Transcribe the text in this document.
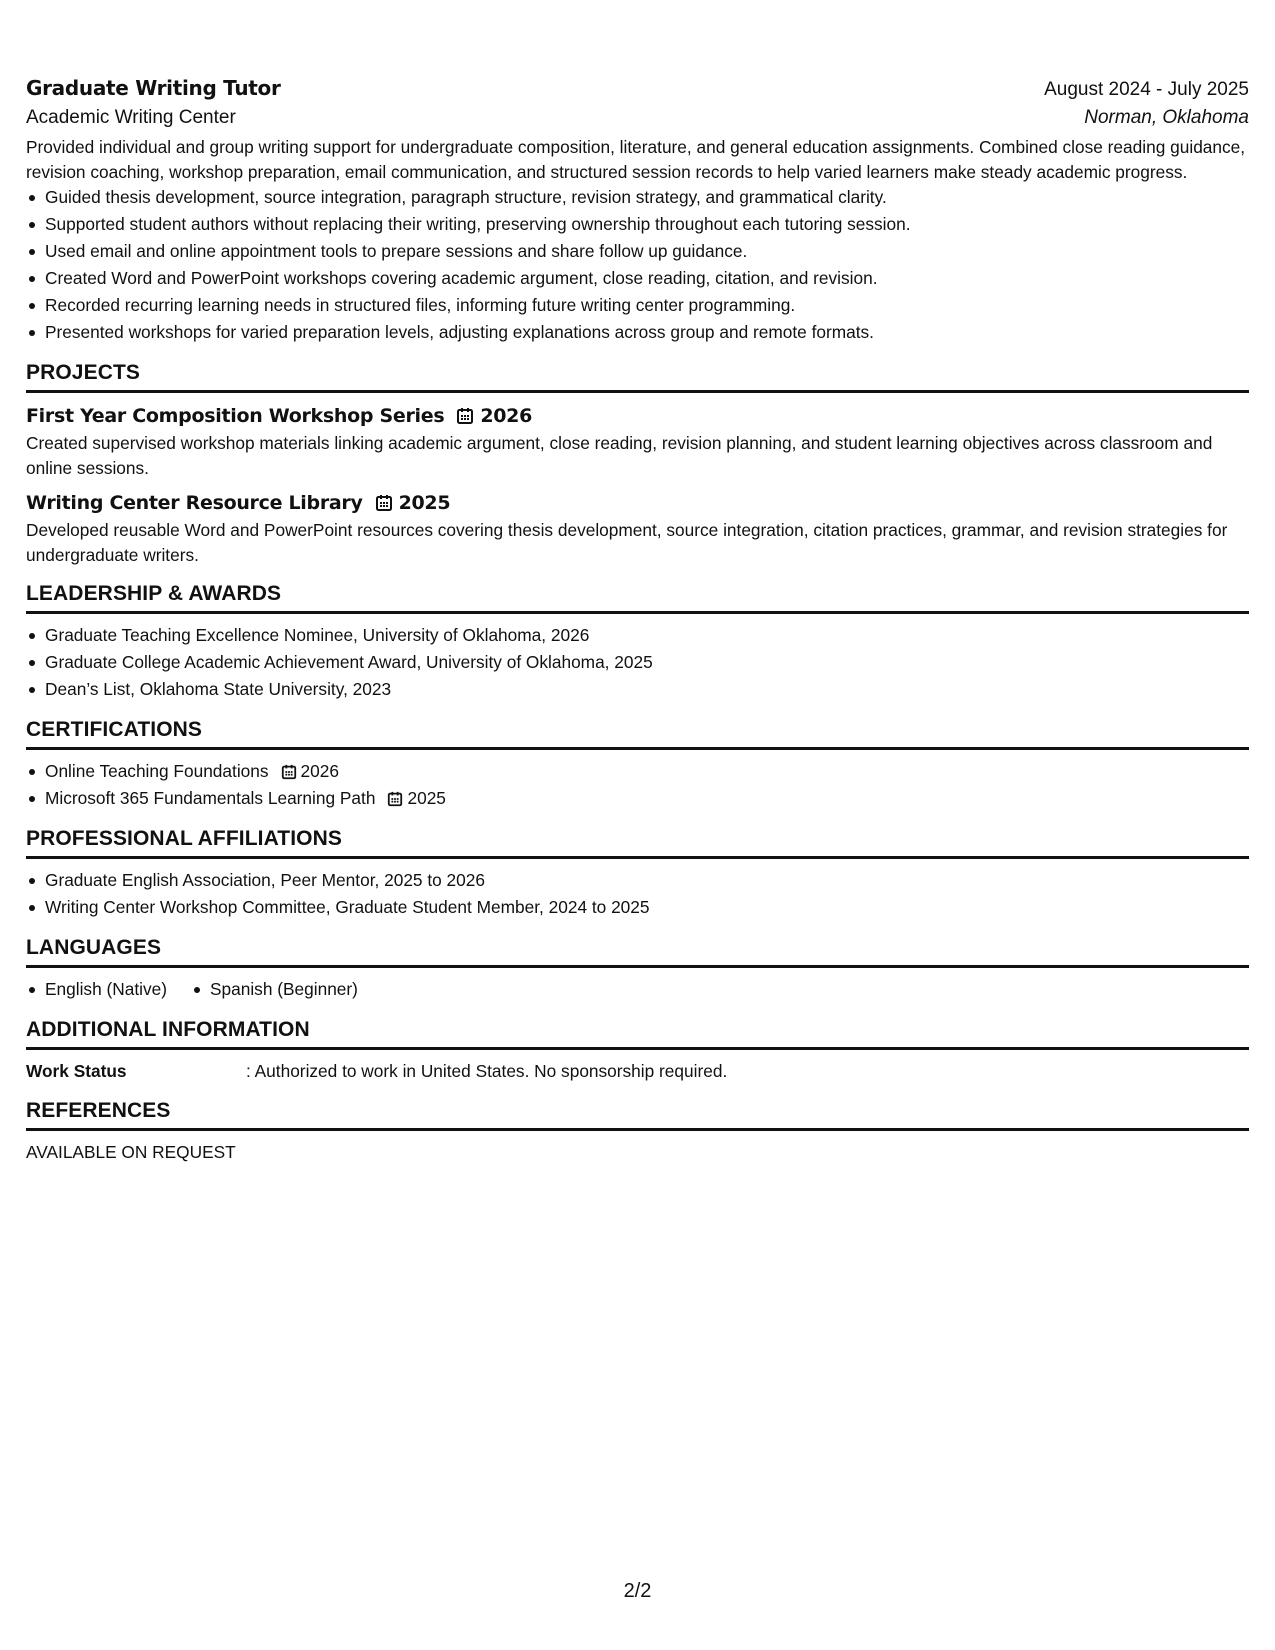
Graduate Writing Tutor	August 2024 - July 2025
Academic Writing Center	Norman, Oklahoma

Provided individual and group writing support for undergraduate composition, literature, and general education assignments. Combined close reading guidance, revision coaching, workshop preparation, email communication, and structured session records to help varied learners make steady academic progress.

Guided thesis development, source integration, paragraph structure, revision strategy, and grammatical clarity.
Supported student authors without replacing their writing, preserving ownership throughout each tutoring session.
Used email and online appointment tools to prepare sessions and share follow up guidance.
Created Word and PowerPoint workshops covering academic argument, close reading, citation, and revision.
Recorded recurring learning needs in structured files, informing future writing center programming.
Presented workshops for varied preparation levels, adjusting explanations across group and remote formats.
PROJECTS
First Year Composition Workshop Series 2026

Created supervised workshop materials linking academic argument, close reading, revision planning, and student learning objectives across classroom and online sessions.

Writing Center Resource Library 2025

Developed reusable Word and PowerPoint resources covering thesis development, source integration, citation practices, grammar, and revision strategies for undergraduate writers.

LEADERSHIP & AWARDS
Graduate Teaching Excellence Nominee, University of Oklahoma, 2026
Graduate College Academic Achievement Award, University of Oklahoma, 2025
Dean’s List, Oklahoma State University, 2023
CERTIFICATIONS
Online Teaching Foundations 2026
Microsoft 365 Fundamentals Learning Path 2025
PROFESSIONAL AFFILIATIONS
Graduate English Association, Peer Mentor, 2025 to 2026
Writing Center Workshop Committee, Graduate Student Member, 2024 to 2025
LANGUAGES
English (Native)	Spanish (Beginner)
ADDITIONAL INFORMATION
Work Status	: Authorized to work in United States. No sponsorship required.
REFERENCES

AVAILABLE ON REQUEST

2/2
